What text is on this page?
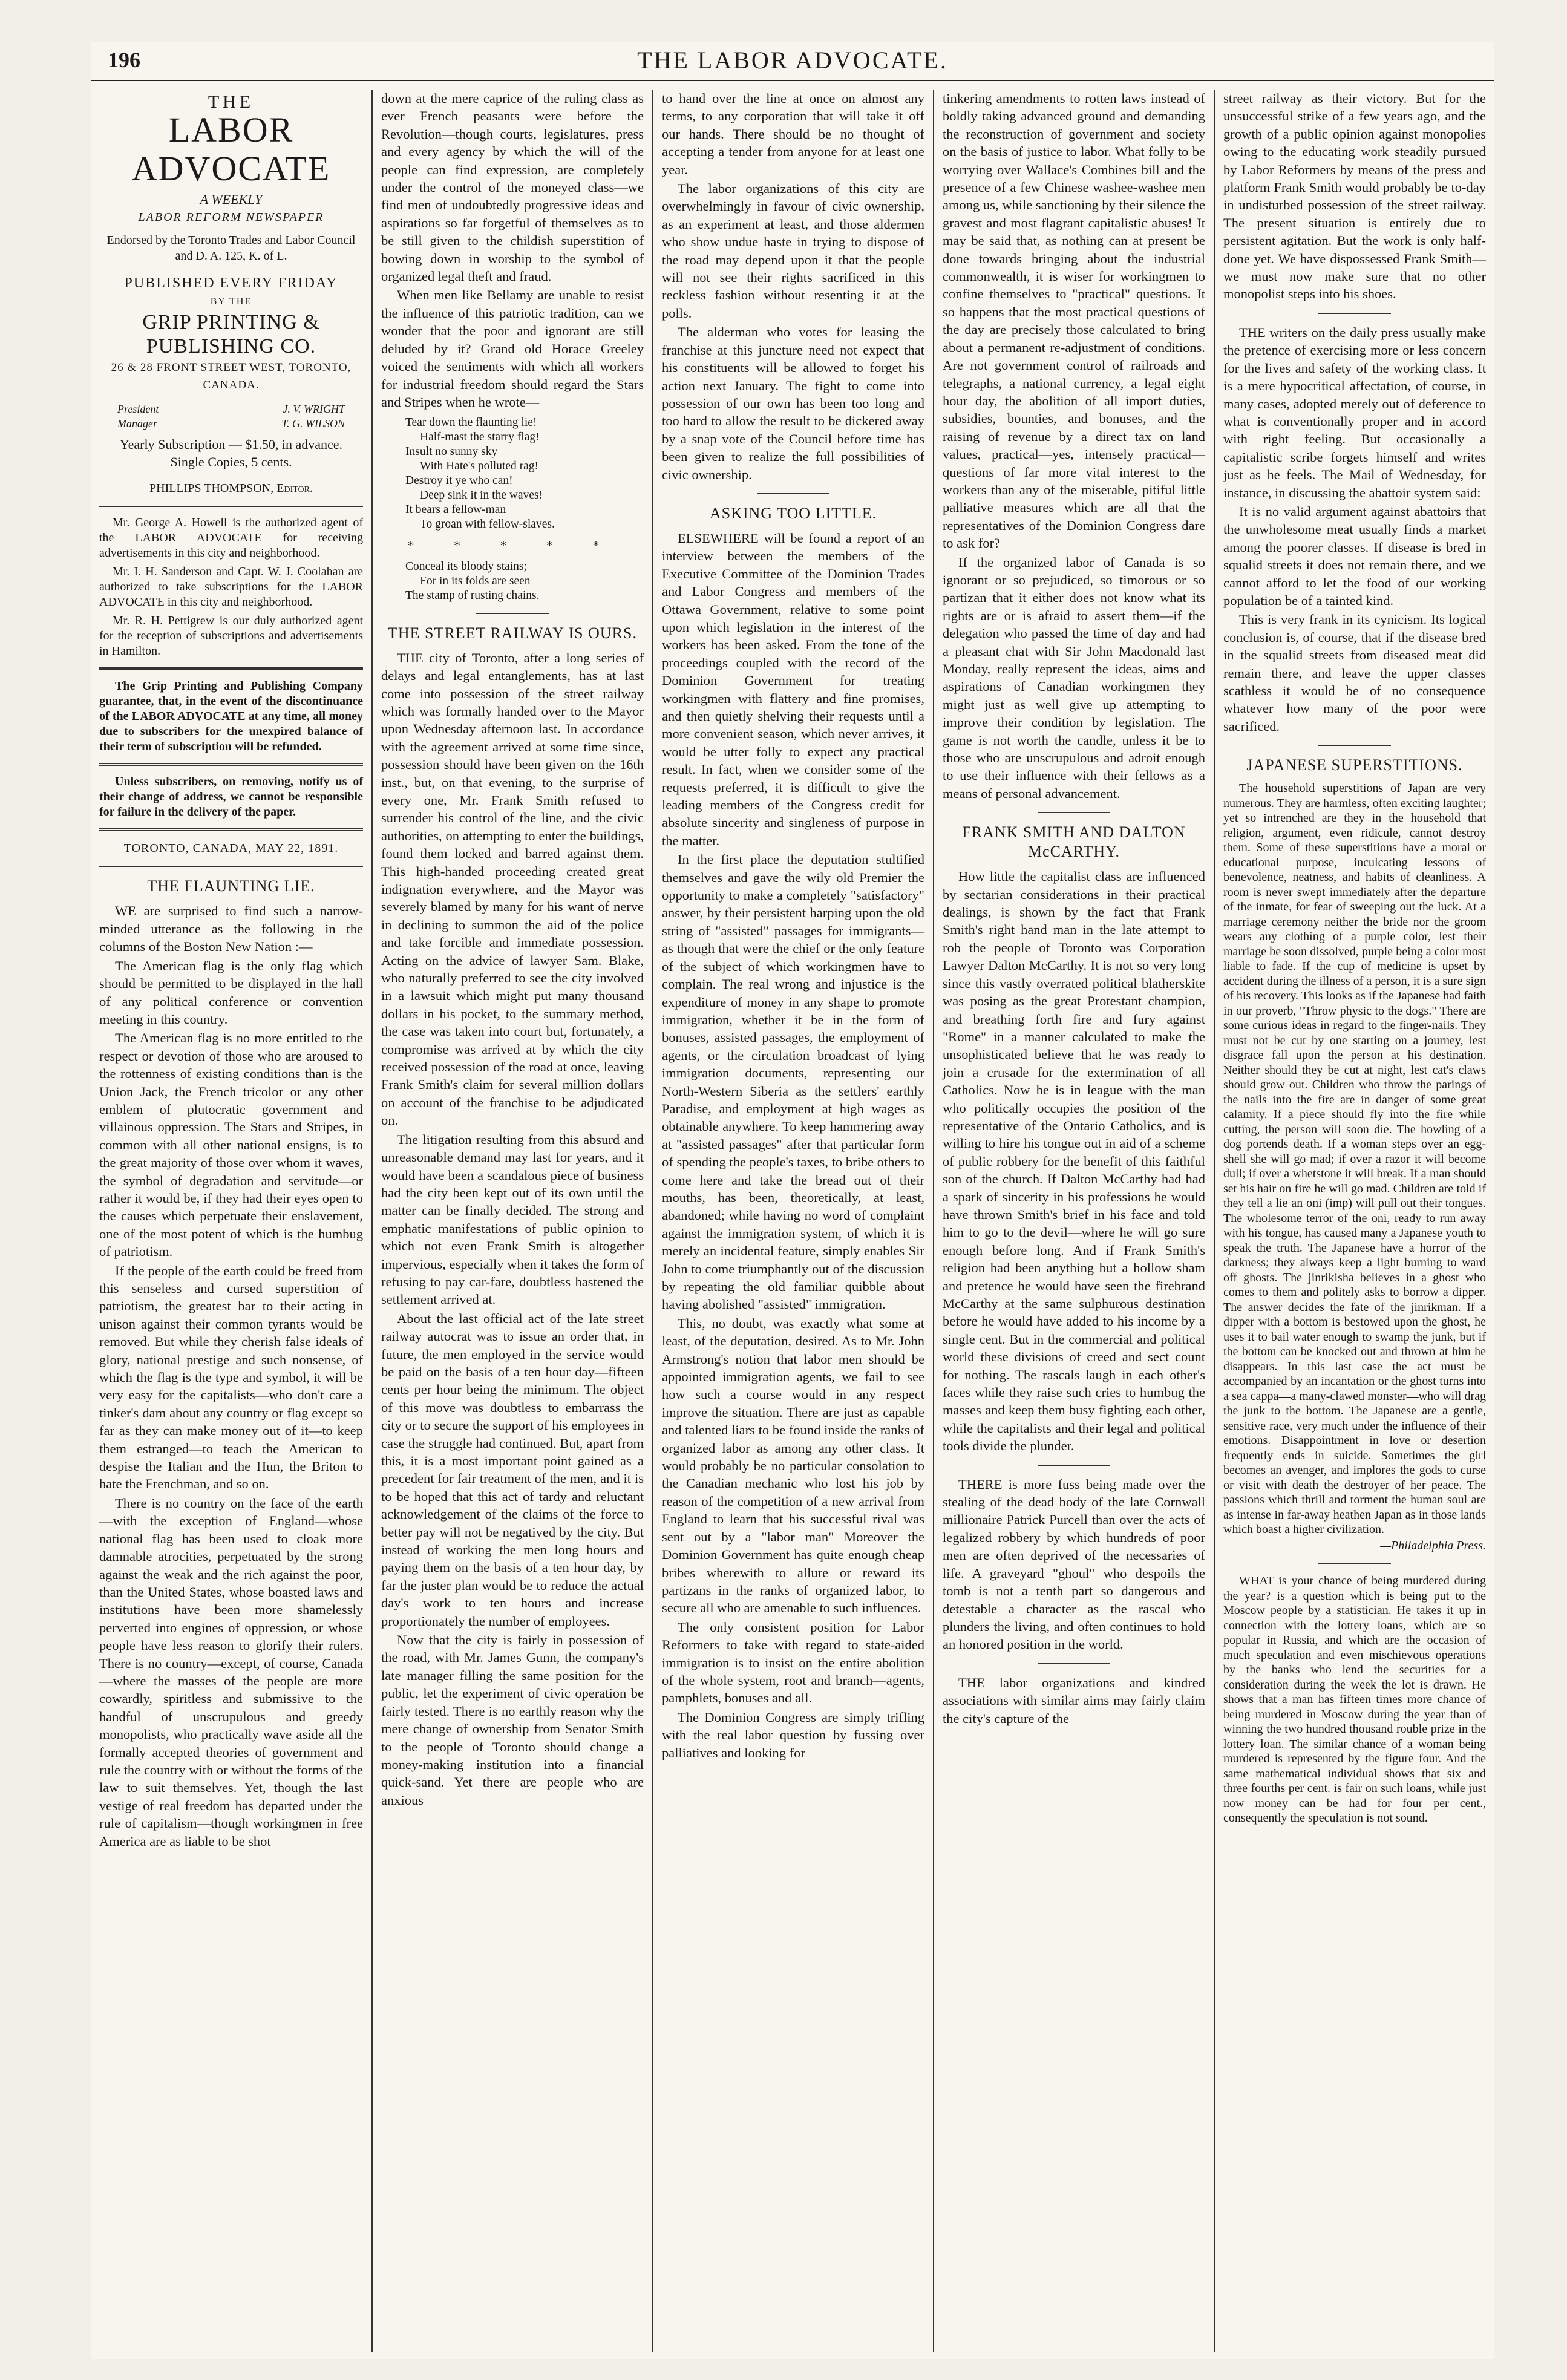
196	THE LABOR ADVOCATE.
THE
LABOR ADVOCATE
A WEEKLY
LABOR REFORM NEWSPAPER
Endorsed by the Toronto Trades and Labor Council and D. A. 125, K. of L.
PUBLISHED EVERY FRIDAY
BY THE
GRIP PRINTING & PUBLISHING CO.
26 & 28 FRONT STREET WEST, TORONTO, CANADA.
President	J. V. WRIGHT
Manager	T. G. WILSON
Yearly Subscription — $1.50, in advance.
Single Copies, 5 cents.
PHILLIPS THOMPSON, Editor.

Mr. George A. Howell is the authorized agent of the LABOR ADVOCATE for receiving advertisements in this city and neighborhood.

Mr. I. H. Sanderson and Capt. W. J. Coolahan are authorized to take subscriptions for the LABOR ADVOCATE in this city and neighborhood.

Mr. R. H. Pettigrew is our duly authorized agent for the reception of subscriptions and advertisements in Hamilton.

The Grip Printing and Publishing Company guarantee, that, in the event of the discontinuance of the LABOR ADVOCATE at any time, all money due to subscribers for the unexpired balance of their term of subscription will be refunded.

Unless subscribers, on removing, notify us of their change of address, we cannot be responsible for failure in the delivery of the paper.

TORONTO, CANADA, MAY 22, 1891.
THE FLAUNTING LIE.

WE are surprised to find such a narrow-minded utterance as the following in the columns of the Boston New Nation :—

The American flag is the only flag which should be permitted to be displayed in the hall of any political conference or convention meeting in this country.

The American flag is no more entitled to the respect or devotion of those who are aroused to the rottenness of existing conditions than is the Union Jack, the French tricolor or any other emblem of plutocratic government and villainous oppression. The Stars and Stripes, in common with all other national ensigns, is to the great majority of those over whom it waves, the symbol of degradation and servitude—or rather it would be, if they had their eyes open to the causes which perpetuate their enslavement, one of the most potent of which is the humbug of patriotism.

If the people of the earth could be freed from this senseless and cursed superstition of patriotism, the greatest bar to their acting in unison against their common tyrants would be removed. But while they cherish false ideals of glory, national prestige and such nonsense, of which the flag is the type and symbol, it will be very easy for the capitalists—who don't care a tinker's dam about any country or flag except so far as they can make money out of it—to keep them estranged—to teach the American to despise the Italian and the Hun, the Briton to hate the Frenchman, and so on.

There is no country on the face of the earth—with the exception of England—whose national flag has been used to cloak more damnable atrocities, perpetuated by the strong against the weak and the rich against the poor, than the United States, whose boasted laws and institutions have been more shamelessly perverted into engines of oppression, or whose people have less reason to glorify their rulers. There is no country—except, of course, Canada—where the masses of the people are more cowardly, spiritless and submissive to the handful of unscrupulous and greedy monopolists, who practically wave aside all the formally accepted theories of government and rule the country with or without the forms of the law to suit themselves. Yet, though the last vestige of real freedom has departed under the rule of capitalism—though workingmen in free America are as liable to be shot

down at the mere caprice of the ruling class as ever French peasants were before the Revolution—though courts, legislatures, press and every agency by which the will of the people can find expression, are completely under the control of the moneyed class—we find men of undoubtedly progressive ideas and aspirations so far forgetful of themselves as to be still given to the childish superstition of bowing down in worship to the symbol of organized legal theft and fraud.

When men like Bellamy are unable to resist the influence of this patriotic tradition, can we wonder that the poor and ignorant are still deluded by it? Grand old Horace Greeley voiced the sentiments with which all workers for industrial freedom should regard the Stars and Stripes when he wrote—

Tear down the flaunting lie!
Half-mast the starry flag!
Insult no sunny sky
With Hate's polluted rag!
Destroy it ye who can!
Deep sink it in the waves!
It bears a fellow-man
To groan with fellow-slaves.
* * * * *
Conceal its bloody stains;
For in its folds are seen
The stamp of rusting chains.
THE STREET RAILWAY IS OURS.

THE city of Toronto, after a long series of delays and legal entanglements, has at last come into possession of the street railway which was formally handed over to the Mayor upon Wednesday afternoon last. In accordance with the agreement arrived at some time since, possession should have been given on the 16th inst., but, on that evening, to the surprise of every one, Mr. Frank Smith refused to surrender his control of the line, and the civic authorities, on attempting to enter the buildings, found them locked and barred against them. This high-handed proceeding created great indignation everywhere, and the Mayor was severely blamed by many for his want of nerve in declining to summon the aid of the police and take forcible and immediate possession. Acting on the advice of lawyer Sam. Blake, who naturally preferred to see the city involved in a lawsuit which might put many thousand dollars in his pocket, to the summary method, the case was taken into court but, fortunately, a compromise was arrived at by which the city received possession of the road at once, leaving Frank Smith's claim for several million dollars on account of the franchise to be adjudicated on.

The litigation resulting from this absurd and unreasonable demand may last for years, and it would have been a scandalous piece of business had the city been kept out of its own until the matter can be finally decided. The strong and emphatic manifestations of public opinion to which not even Frank Smith is altogether impervious, especially when it takes the form of refusing to pay car-fare, doubtless hastened the settlement arrived at.

About the last official act of the late street railway autocrat was to issue an order that, in future, the men employed in the service would be paid on the basis of a ten hour day—fifteen cents per hour being the minimum. The object of this move was doubtless to embarrass the city or to secure the support of his employees in case the struggle had continued. But, apart from this, it is a most important point gained as a precedent for fair treatment of the men, and it is to be hoped that this act of tardy and reluctant acknowledgement of the claims of the force to better pay will not be negatived by the city. But instead of working the men long hours and paying them on the basis of a ten hour day, by far the juster plan would be to reduce the actual day's work to ten hours and increase proportionately the number of employees.

Now that the city is fairly in possession of the road, with Mr. James Gunn, the company's late manager filling the same position for the public, let the experiment of civic operation be fairly tested. There is no earthly reason why the mere change of ownership from Senator Smith to the people of Toronto should change a money-making institution into a financial quick-sand. Yet there are people who are anxious

to hand over the line at once on almost any terms, to any corporation that will take it off our hands. There should be no thought of accepting a tender from anyone for at least one year.

The labor organizations of this city are overwhelmingly in favour of civic ownership, as an experiment at least, and those aldermen who show undue haste in trying to dispose of the road may depend upon it that the people will not see their rights sacrificed in this reckless fashion without resenting it at the polls.

The alderman who votes for leasing the franchise at this juncture need not expect that his constituents will be allowed to forget his action next January. The fight to come into possession of our own has been too long and too hard to allow the result to be dickered away by a snap vote of the Council before time has been given to realize the full possibilities of civic ownership.

ASKING TOO LITTLE.

ELSEWHERE will be found a report of an interview between the members of the Executive Committee of the Dominion Trades and Labor Congress and members of the Ottawa Government, relative to some point upon which legislation in the interest of the workers has been asked. From the tone of the proceedings coupled with the record of the Dominion Government for treating workingmen with flattery and fine promises, and then quietly shelving their requests until a more convenient season, which never arrives, it would be utter folly to expect any practical result. In fact, when we consider some of the requests preferred, it is difficult to give the leading members of the Congress credit for absolute sincerity and singleness of purpose in the matter.

In the first place the deputation stultified themselves and gave the wily old Premier the opportunity to make a completely "satisfactory" answer, by their persistent harping upon the old string of "assisted" passages for immigrants—as though that were the chief or the only feature of the subject of which workingmen have to complain. The real wrong and injustice is the expenditure of money in any shape to promote immigration, whether it be in the form of bonuses, assisted passages, the employment of agents, or the circulation broadcast of lying immigration documents, representing our North-Western Siberia as the settlers' earthly Paradise, and employment at high wages as obtainable anywhere. To keep hammering away at "assisted passages" after that particular form of spending the people's taxes, to bribe others to come here and take the bread out of their mouths, has been, theoretically, at least, abandoned; while having no word of complaint against the immigration system, of which it is merely an incidental feature, simply enables Sir John to come triumphantly out of the discussion by repeating the old familiar quibble about having abolished "assisted" immigration.

This, no doubt, was exactly what some at least, of the deputation, desired. As to Mr. John Armstrong's notion that labor men should be appointed immigration agents, we fail to see how such a course would in any respect improve the situation. There are just as capable and talented liars to be found inside the ranks of organized labor as among any other class. It would probably be no particular consolation to the Canadian mechanic who lost his job by reason of the competition of a new arrival from England to learn that his successful rival was sent out by a "labor man" Moreover the Dominion Government has quite enough cheap bribes wherewith to allure or reward its partizans in the ranks of organized labor, to secure all who are amenable to such influences.

The only consistent position for Labor Reformers to take with regard to state-aided immigration is to insist on the entire abolition of the whole system, root and branch—agents, pamphlets, bonuses and all.

The Dominion Congress are simply trifling with the real labor question by fussing over palliatives and looking for

tinkering amendments to rotten laws instead of boldly taking advanced ground and demanding the reconstruction of government and society on the basis of justice to labor. What folly to be worrying over Wallace's Combines bill and the presence of a few Chinese washee-washee men among us, while sanctioning by their silence the gravest and most flagrant capitalistic abuses! It may be said that, as nothing can at present be done towards bringing about the industrial commonwealth, it is wiser for workingmen to confine themselves to "practical" questions. It so happens that the most practical questions of the day are precisely those calculated to bring about a permanent re-adjustment of conditions. Are not government control of railroads and telegraphs, a national currency, a legal eight hour day, the abolition of all import duties, subsidies, bounties, and bonuses, and the raising of revenue by a direct tax on land values, practical—yes, intensely practical—questions of far more vital interest to the workers than any of the miserable, pitiful little palliative measures which are all that the representatives of the Dominion Congress dare to ask for?

If the organized labor of Canada is so ignorant or so prejudiced, so timorous or so partizan that it either does not know what its rights are or is afraid to assert them—if the delegation who passed the time of day and had a pleasant chat with Sir John Macdonald last Monday, really represent the ideas, aims and aspirations of Canadian workingmen they might just as well give up attempting to improve their condition by legislation. The game is not worth the candle, unless it be to those who are unscrupulous and adroit enough to use their influence with their fellows as a means of personal advancement.

FRANK SMITH AND DALTON McCARTHY.

How little the capitalist class are influenced by sectarian considerations in their practical dealings, is shown by the fact that Frank Smith's right hand man in the late attempt to rob the people of Toronto was Corporation Lawyer Dalton McCarthy. It is not so very long since this vastly overrated political blatherskite was posing as the great Protestant champion, and breathing forth fire and fury against "Rome" in a manner calculated to make the unsophisticated believe that he was ready to join a crusade for the extermination of all Catholics. Now he is in league with the man who politically occupies the position of the representative of the Ontario Catholics, and is willing to hire his tongue out in aid of a scheme of public robbery for the benefit of this faithful son of the church. If Dalton McCarthy had had a spark of sincerity in his professions he would have thrown Smith's brief in his face and told him to go to the devil—where he will go sure enough before long. And if Frank Smith's religion had been anything but a hollow sham and pretence he would have seen the firebrand McCarthy at the same sulphurous destination before he would have added to his income by a single cent. But in the commercial and political world these divisions of creed and sect count for nothing. The rascals laugh in each other's faces while they raise such cries to humbug the masses and keep them busy fighting each other, while the capitalists and their legal and political tools divide the plunder.

THERE is more fuss being made over the stealing of the dead body of the late Cornwall millionaire Patrick Purcell than over the acts of legalized robbery by which hundreds of poor men are often deprived of the necessaries of life. A graveyard "ghoul" who despoils the tomb is not a tenth part so dangerous and detestable a character as the rascal who plunders the living, and often continues to hold an honored position in the world.

THE labor organizations and kindred associations with similar aims may fairly claim the city's capture of the

street railway as their victory. But for the unsuccessful strike of a few years ago, and the growth of a public opinion against monopolies owing to the educating work steadily pursued by Labor Reformers by means of the press and platform Frank Smith would probably be to-day in undisturbed possession of the street railway. The present situation is entirely due to persistent agitation. But the work is only half-done yet. We have dispossessed Frank Smith—we must now make sure that no other monopolist steps into his shoes.

THE writers on the daily press usually make the pretence of exercising more or less concern for the lives and safety of the working class. It is a mere hypocritical affectation, of course, in many cases, adopted merely out of deference to what is conventionally proper and in accord with right feeling. But occasionally a capitalistic scribe forgets himself and writes just as he feels. The Mail of Wednesday, for instance, in discussing the abattoir system said:

It is no valid argument against abattoirs that the unwholesome meat usually finds a market among the poorer classes. If disease is bred in squalid streets it does not remain there, and we cannot afford to let the food of our working population be of a tainted kind.

This is very frank in its cynicism. Its logical conclusion is, of course, that if the disease bred in the squalid streets from diseased meat did remain there, and leave the upper classes scathless it would be of no consequence whatever how many of the poor were sacrificed.

JAPANESE SUPERSTITIONS.

The household superstitions of Japan are very numerous. They are harmless, often exciting laughter; yet so intrenched are they in the household that religion, argument, even ridicule, cannot destroy them. Some of these superstitions have a moral or educational purpose, inculcating lessons of benevolence, neatness, and habits of cleanliness. A room is never swept immediately after the departure of the inmate, for fear of sweeping out the luck. At a marriage ceremony neither the bride nor the groom wears any clothing of a purple color, lest their marriage be soon dissolved, purple being a color most liable to fade. If the cup of medicine is upset by accident during the illness of a person, it is a sure sign of his recovery. This looks as if the Japanese had faith in our proverb, "Throw physic to the dogs." There are some curious ideas in regard to the finger-nails. They must not be cut by one starting on a journey, lest disgrace fall upon the person at his destination. Neither should they be cut at night, lest cat's claws should grow out. Children who throw the parings of the nails into the fire are in danger of some great calamity. If a piece should fly into the fire while cutting, the person will soon die. The howling of a dog portends death. If a woman steps over an egg-shell she will go mad; if over a razor it will become dull; if over a whetstone it will break. If a man should set his hair on fire he will go mad. Children are told if they tell a lie an oni (imp) will pull out their tongues. The wholesome terror of the oni, ready to run away with his tongue, has caused many a Japanese youth to speak the truth. The Japanese have a horror of the darkness; they always keep a light burning to ward off ghosts. The jinrikisha believes in a ghost who comes to them and politely asks to borrow a dipper. The answer decides the fate of the jinrikman. If a dipper with a bottom is bestowed upon the ghost, he uses it to bail water enough to swamp the junk, but if the bottom can be knocked out and thrown at him he disappears. In this last case the act must be accompanied by an incantation or the ghost turns into a sea cappa—a many-clawed monster—who will drag the junk to the bottom. The Japanese are a gentle, sensitive race, very much under the influence of their emotions. Disappointment in love or desertion frequently ends in suicide. Sometimes the girl becomes an avenger, and implores the gods to curse or visit with death the destroyer of her peace. The passions which thrill and torment the human soul are as intense in far-away heathen Japan as in those lands which boast a higher civilization.

—Philadelphia Press.

WHAT is your chance of being murdered during the year? is a question which is being put to the Moscow people by a statistician. He takes it up in connection with the lottery loans, which are so popular in Russia, and which are the occasion of much speculation and even mischievous operations by the banks who lend the securities for a consideration during the week the lot is drawn. He shows that a man has fifteen times more chance of being murdered in Moscow during the year than of winning the two hundred thousand rouble prize in the lottery loan. The similar chance of a woman being murdered is represented by the figure four. And the same mathematical individual shows that six and three fourths per cent. is fair on such loans, while just now money can be had for four per cent., consequently the speculation is not sound.
